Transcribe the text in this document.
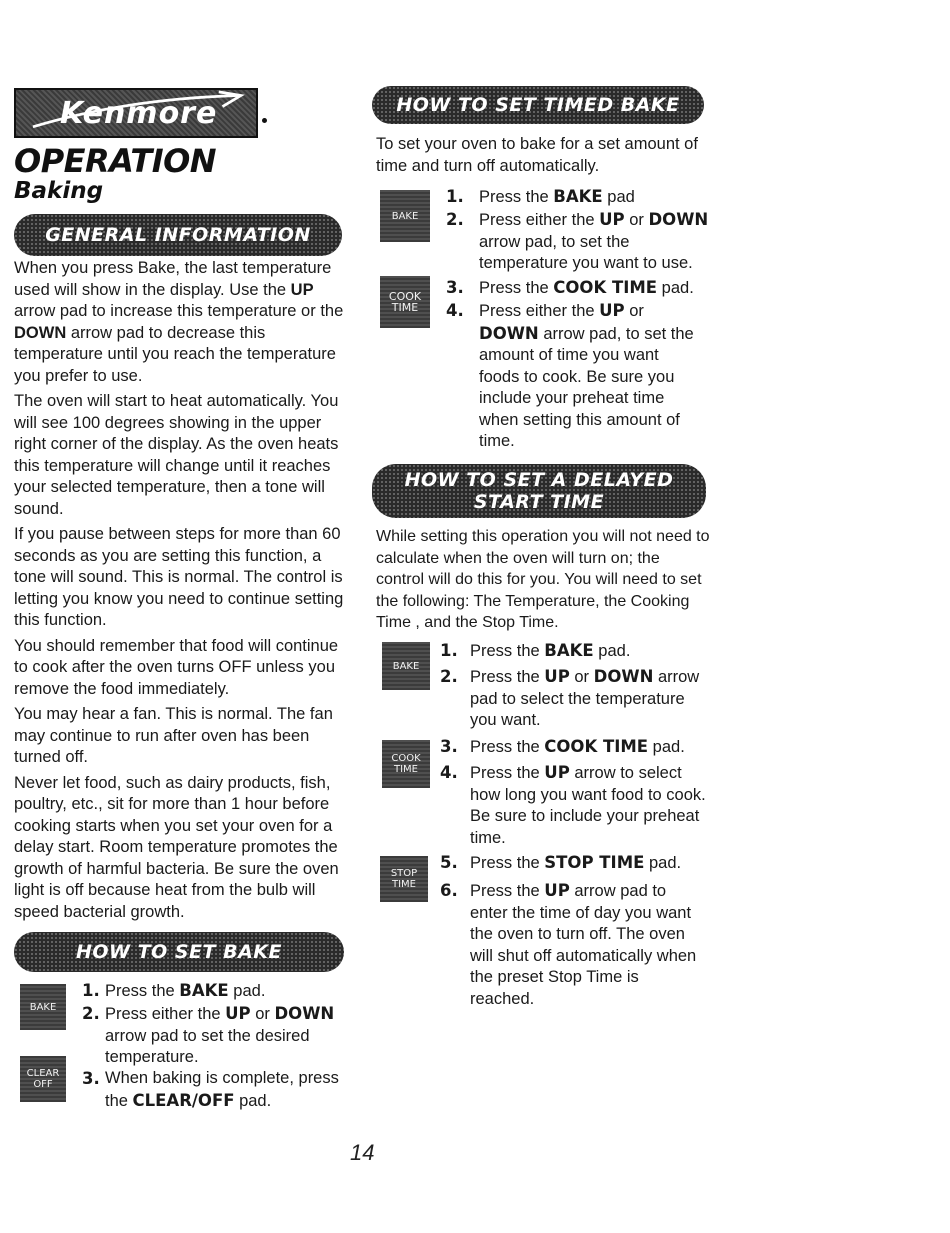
Kenmore
OPERATION
Baking
GENERAL INFORMATION

When you press Bake, the last temperature used will show in the display. Use the UP arrow pad to increase this temperature or the DOWN arrow pad to decrease this temperature until you reach the temperature you prefer to use.

The oven will start to heat automatically. You will see 100 degrees showing in the upper right corner of the display. As the oven heats this temperature will change until it reaches your selected temperature, then a tone will sound.

If you pause between steps for more than 60 seconds as you are setting this function, a tone will sound. This is normal. The control is letting you know you need to continue setting this function.

You should remember that food will continue to cook after the oven turns OFF unless you remove the food immediately.

You may hear a fan. This is normal. The fan may continue to run after oven has been turned off.

Never let food, such as dairy products, fish, poultry, etc., sit for more than 1 hour before cooking starts when you set your oven for a delay start. Room temperature promotes the growth of harmful bacteria. Be sure the oven light is off because heat from the bulb will speed bacterial growth.

HOW TO SET BAKE
BAKE
CLEAR
OFF
1. Press the BAKE pad.
2. Press either the UP or DOWN arrow pad to set the desired temperature.
3. When baking is complete, press the CLEAR/OFF pad.
HOW TO SET TIMED BAKE

To set your oven to bake for a set amount of time and turn off automatically.

BAKE
COOK
TIME
1. Press the BAKE pad
2. Press either the UP or DOWN arrow pad, to set the temperature you want to use.
3. Press the COOK TIME pad.
4. Press either the UP or DOWN arrow pad, to set the amount of time you want foods to cook. Be sure you include your preheat time when setting this amount of time.
HOW TO SET A DELAYED
START TIME

While setting this operation you will not need to calculate when the oven will turn on; the control will do this for you. You will need to set the following: The Temperature, the Cooking Time , and the Stop Time.

BAKE
COOK
TIME
STOP
TIME
1. Press the BAKE pad.
2. Press the UP or DOWN arrow pad to select the temperature you want.
3. Press the COOK TIME pad.
4. Press the UP arrow to select how long you want food to cook. Be sure to include your preheat time.
5. Press the STOP TIME pad.
6. Press the UP arrow pad to enter the time of day you want the oven to turn off. The oven will shut off automatically when the preset Stop Time is reached.
14
